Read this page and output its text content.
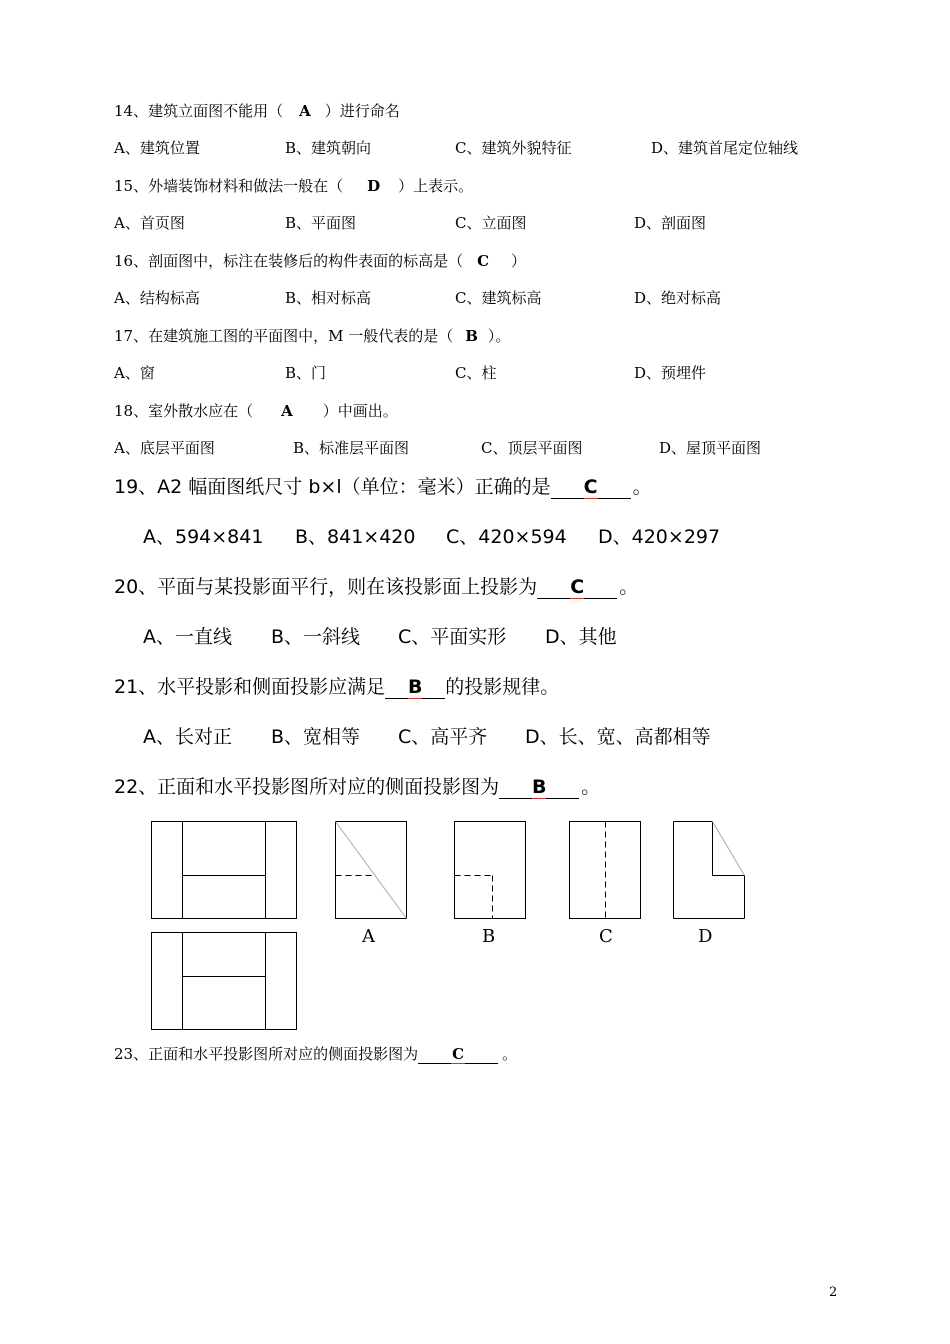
14、建筑立面图不能用（ A ）进行命名
A、建筑位置	B、建筑朝向	C、建筑外貌特征	D、建筑首尾定位轴线
15、外墙装饰材料和做法一般在（ D ）上表示。
A、首页图	B、平面图	C、立面图	D、剖面图
16、剖面图中，标注在装修后的构件表面的标高是（ C ）
A、结构标高	B、相对标高	C、建筑标高	D、绝对标高
17、在建筑施工图的平面图中，M 一般代表的是（ B ）。
A、窗	B、门	C、柱	D、预埋件
18、室外散水应在（ A ）中画出。
A、底层平面图	B、标准层平面图	C、顶层平面图	D、屋顶平面图
19、A2 幅面图纸尺寸 b×l（单位：毫米）正确的是 C 。
A、594×841 B、841×420 C、420×594 D、420×297
20、平面与某投影面平行，则在该投影面上投影为 C 。
A、一直线 B、一斜线 C、平面实形 D、其他
21、水平投影和侧面投影应满足 B 的投影规律。
A、长对正 B、宽相等 C、高平齐 D、长、宽、高都相等
22、正面和水平投影图所对应的侧面投影图为 B 。
A	B	C	D
23、正面和水平投影图所对应的侧面投影图为 C	。
2
